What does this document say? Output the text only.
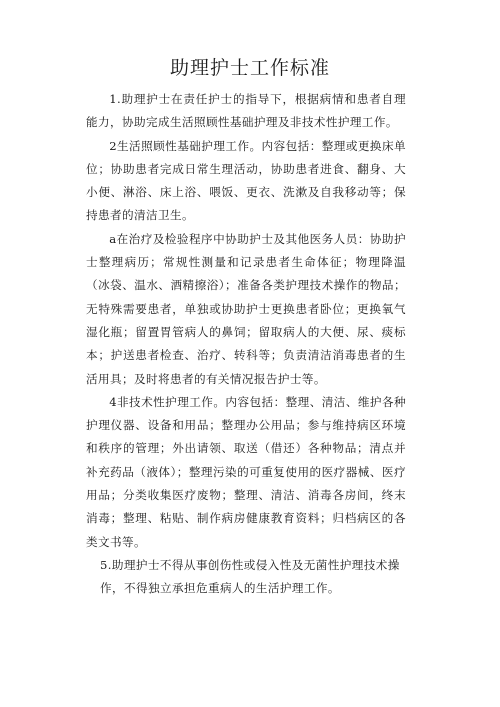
助理护士工作标准

1.助理护士在责任护士的指导下，根据病情和患者自理能力，协助完成生活照顾性基础护理及非技术性护理工作。

2生活照顾性基础护理工作。内容包括：整理或更换床单位；协助患者完成日常生理活动，协助患者进食、翻身、大小便、淋浴、床上浴、喂饭、更衣、洗漱及自我移动等；保持患者的清洁卫生。

a在治疗及检验程序中协助护士及其他医务人员：协助护士整理病历；常规性测量和记录患者生命体征；物理降温（冰袋、温水、酒精擦浴）；准备各类护理技术操作的物品；无特殊需要患者，单独或协助护士更换患者卧位；更换氧气湿化瓶；留置胃管病人的鼻饲；留取病人的大便、尿、痰标本；护送患者检查、治疗、转科等；负责清洁消毒患者的生活用具；及时将患者的有关情况报告护士等。

4非技术性护理工作。内容包括：整理、清洁、维护各种护理仪器、设备和用品；整理办公用品；参与维持病区环境和秩序的管理；外出请领、取送（借还）各种物品；清点并补充药品（液体）；整理污染的可重复使用的医疗器械、医疗用品；分类收集医疗废物；整理、清洁、消毒各房间，终末消毒；整理、粘贴、制作病房健康教育资料；归档病区的各类文书等。

5.助理护士不得从事创伤性或侵入性及无菌性护理技术操
作，不得独立承担危重病人的生活护理工作。
